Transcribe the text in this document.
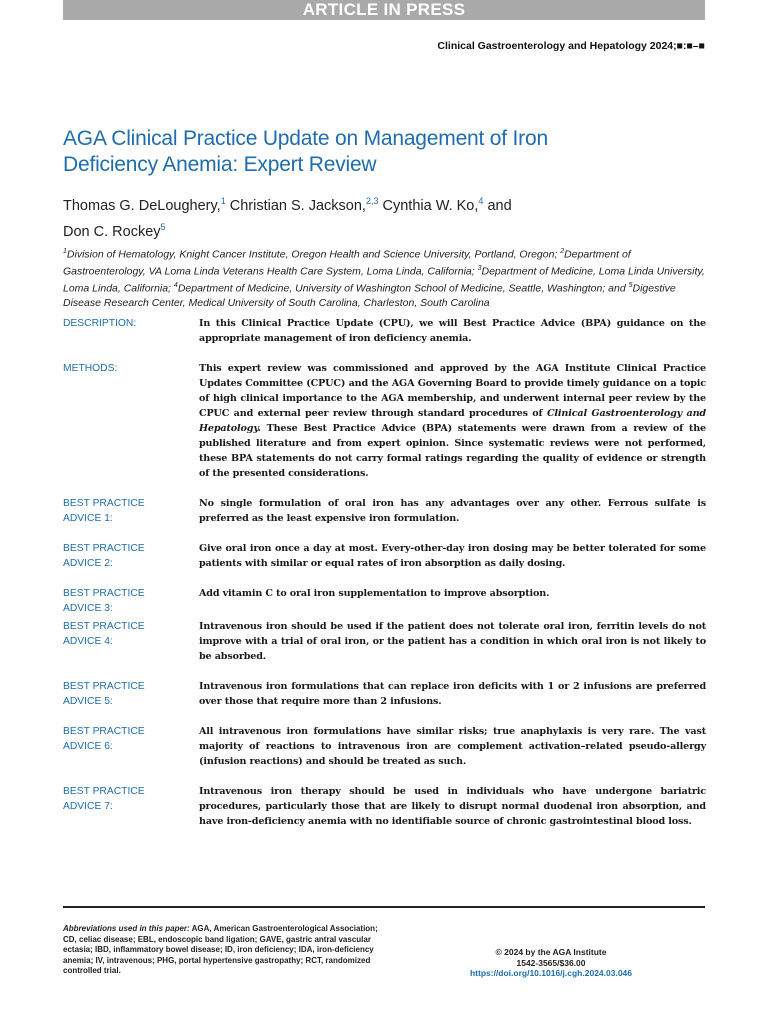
ARTICLE IN PRESS
Clinical Gastroenterology and Hepatology 2024;■:■–■
AGA Clinical Practice Update on Management of Iron
Deficiency Anemia: Expert Review
Thomas G. DeLoughery,$^1$ Christian S. Jackson,$^{2,3}$ Cynthia W. Ko,$^4$ and
Don C. Rockey$^5$
$^1$Division of Hematology, Knight Cancer Institute, Oregon Health and Science University, Portland, Oregon; $^2$Department of Gastroenterology, VA Loma Linda Veterans Health Care System, Loma Linda, California; $^3$Department of Medicine, Loma Linda University, Loma Linda, California; $^4$Department of Medicine, University of Washington School of Medicine, Seattle, Washington; and $^5$Digestive Disease Research Center, Medical University of South Carolina, Charleston, South Carolina
DESCRIPTION:	In this Clinical Practice Update (CPU), we will Best Practice Advice (BPA) guidance on the appropriate management of iron deficiency anemia.
METHODS:	This expert review was commissioned and approved by the AGA Institute Clinical Practice Updates Committee (CPUC) and the AGA Governing Board to provide timely guidance on a topic of high clinical importance to the AGA membership, and underwent internal peer review by the CPUC and external peer review through standard procedures of Clinical Gastroenterology and Hepatology. These Best Practice Advice (BPA) statements were drawn from a review of the published literature and from expert opinion. Since systematic reviews were not performed, these BPA statements do not carry formal ratings regarding the quality of evidence or strength of the presented considerations.
BEST PRACTICE
ADVICE 1:
No single formulation of oral iron has any advantages over any other. Ferrous sulfate is preferred as the least expensive iron formulation.
BEST PRACTICE
ADVICE 2:
Give oral iron once a day at most. Every-other-day iron dosing may be better tolerated for some patients with similar or equal rates of iron absorption as daily dosing.
BEST PRACTICE
ADVICE 3:
Add vitamin C to oral iron supplementation to improve absorption.
BEST PRACTICE
ADVICE 4:
Intravenous iron should be used if the patient does not tolerate oral iron, ferritin levels do not improve with a trial of oral iron, or the patient has a condition in which oral iron is not likely to be absorbed.
BEST PRACTICE
ADVICE 5:
Intravenous iron formulations that can replace iron deficits with 1 or 2 infusions are preferred over those that require more than 2 infusions.
BEST PRACTICE
ADVICE 6:
All intravenous iron formulations have similar risks; true anaphylaxis is very rare. The vast majority of reactions to intravenous iron are complement activation–related pseudo-allergy (infusion reactions) and should be treated as such.
BEST PRACTICE
ADVICE 7:
Intravenous iron therapy should be used in individuals who have undergone bariatric procedures, particularly those that are likely to disrupt normal duodenal iron absorption, and have iron-deficiency anemia with no identifiable source of chronic gastrointestinal blood loss.
Abbreviations used in this paper: AGA, American Gastroenterological Association; CD, celiac disease; EBL, endoscopic band ligation; GAVE, gastric antral vascular ectasia; IBD, inflammatory bowel disease; ID, iron deficiency; IDA, iron-deficiency anemia; IV, intravenous; PHG, portal hypertensive gastropathy; RCT, randomized controlled trial.
© 2024 by the AGA Institute
1542-3565/$36.00
https://doi.org/10.1016/j.cgh.2024.03.046
